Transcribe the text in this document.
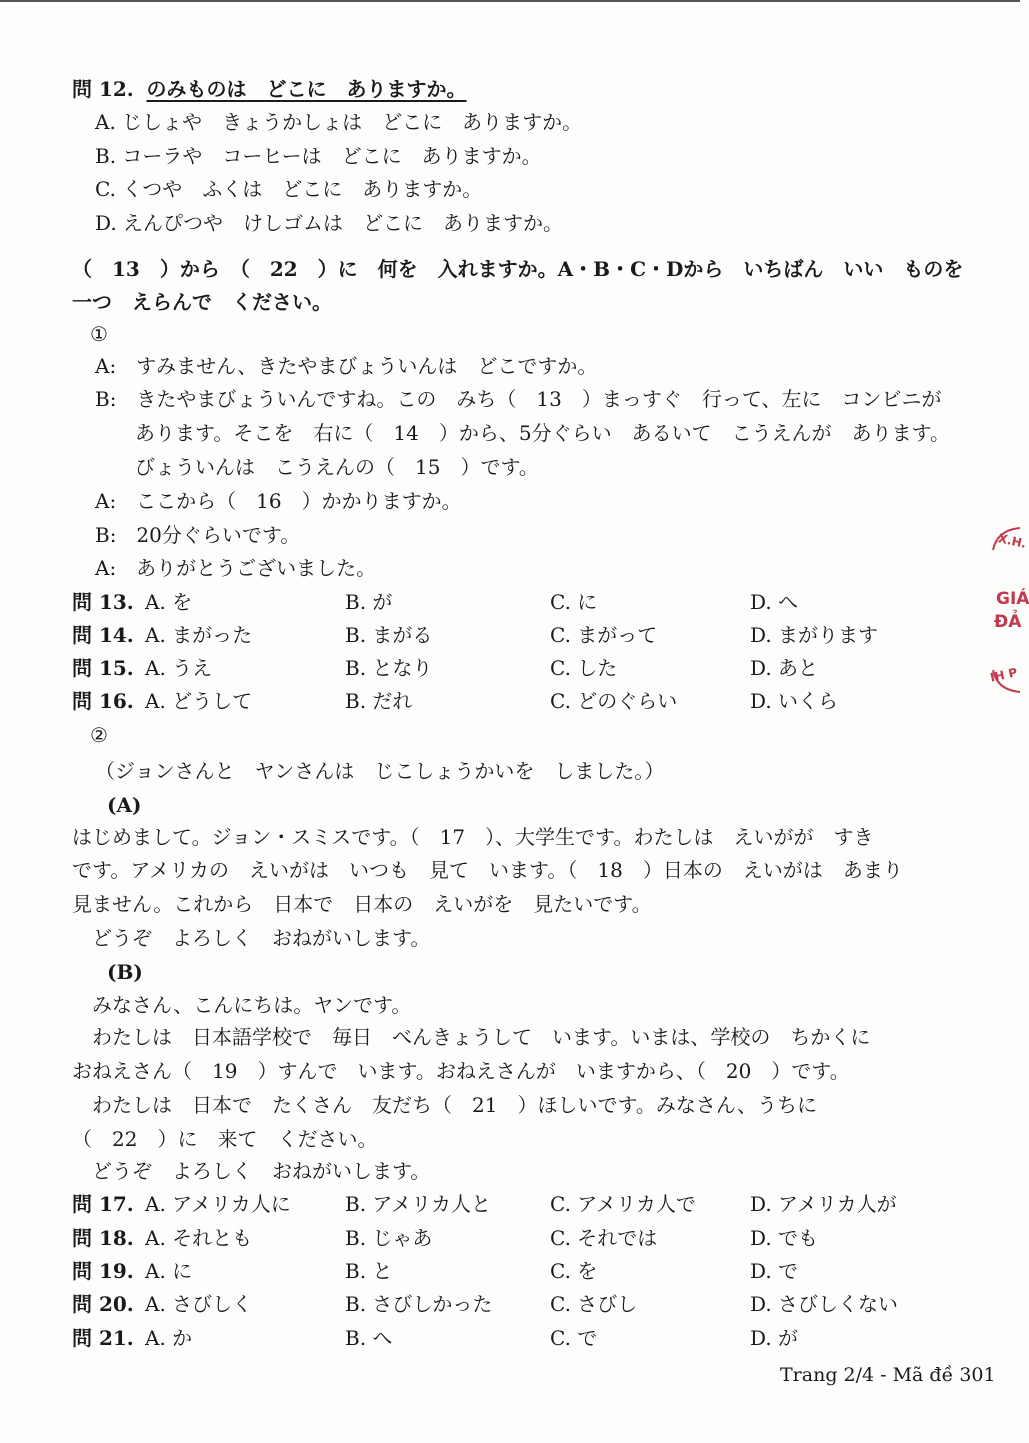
問 12. のみものは　どこに　ありますか。
A. じしょや　きょうかしょは　どこに　ありますか。
B. コーラや　コーヒーは　どこに　ありますか。
C. くつや　ふくは　どこに　ありますか。
D. えんぴつや　けしゴムは　どこに　ありますか。
（　13　）から　（　22　）に　何を　入れますか。A・B・C・Dから　いちばん　いい　ものを
一つ　えらんで　ください。
①
A:　すみません、きたやまびょういんは　どこですか。
B:　きたやまびょういんですね。この　みち（　13　）まっすぐ　行って、左に　コンビニが
　　あります。そこを　右に（　14　）から、5分ぐらい　あるいて　こうえんが　あります。
　　びょういんは　こうえんの（　15　）です。
A:　ここから（　16　）かかりますか。
B:　20分ぐらいです。
A:　ありがとうございました。
問 13. A. を	B. が	C. に	D. へ
問 14. A. まがった	B. まがる	C. まがって	D. まがります
問 15. A. うえ	B. となり	C. した	D. あと
問 16. A. どうして	B. だれ	C. どのぐらい	D. いくら
②
（ジョンさんと　ヤンさんは　じこしょうかいを　しました。）
(A)
はじめまして。ジョン・スミスです。（　17　）、大学生です。わたしは　えいがが　すき
です。アメリカの　えいがは　いつも　見て　います。（　18　）日本の　えいがは　あまり
見ません。これから　日本で　日本の　えいがを　見たいです。
　どうぞ　よろしく　おねがいします。
(B)
　みなさん、こんにちは。ヤンです。
　わたしは　日本語学校で　毎日　べんきょうして　います。いまは、学校の　ちかくに
おねえさん（　19　）すんで　います。おねえさんが　いますから、（　20　）です。
　わたしは　日本で　たくさん　友だち（　21　）ほしいです。みなさん、うちに
（　22　）に　来て　ください。
　どうぞ　よろしく　おねがいします。
問 17. A. アメリカ人に	B. アメリカ人と	C. アメリカ人で	D. アメリカ人が
問 18. A. それとも	B. じゃあ	C. それでは	D. でも
問 19. A. に	B. と	C. を	D. で
問 20. A. さびしく	B. さびしかった	C. さびし	D. さびしくない
問 21. A. か	B. へ	C. で	D. が
X.H.
GIÁ
ĐẢ
IH P
Trang 2/4 - Mã đề 301
